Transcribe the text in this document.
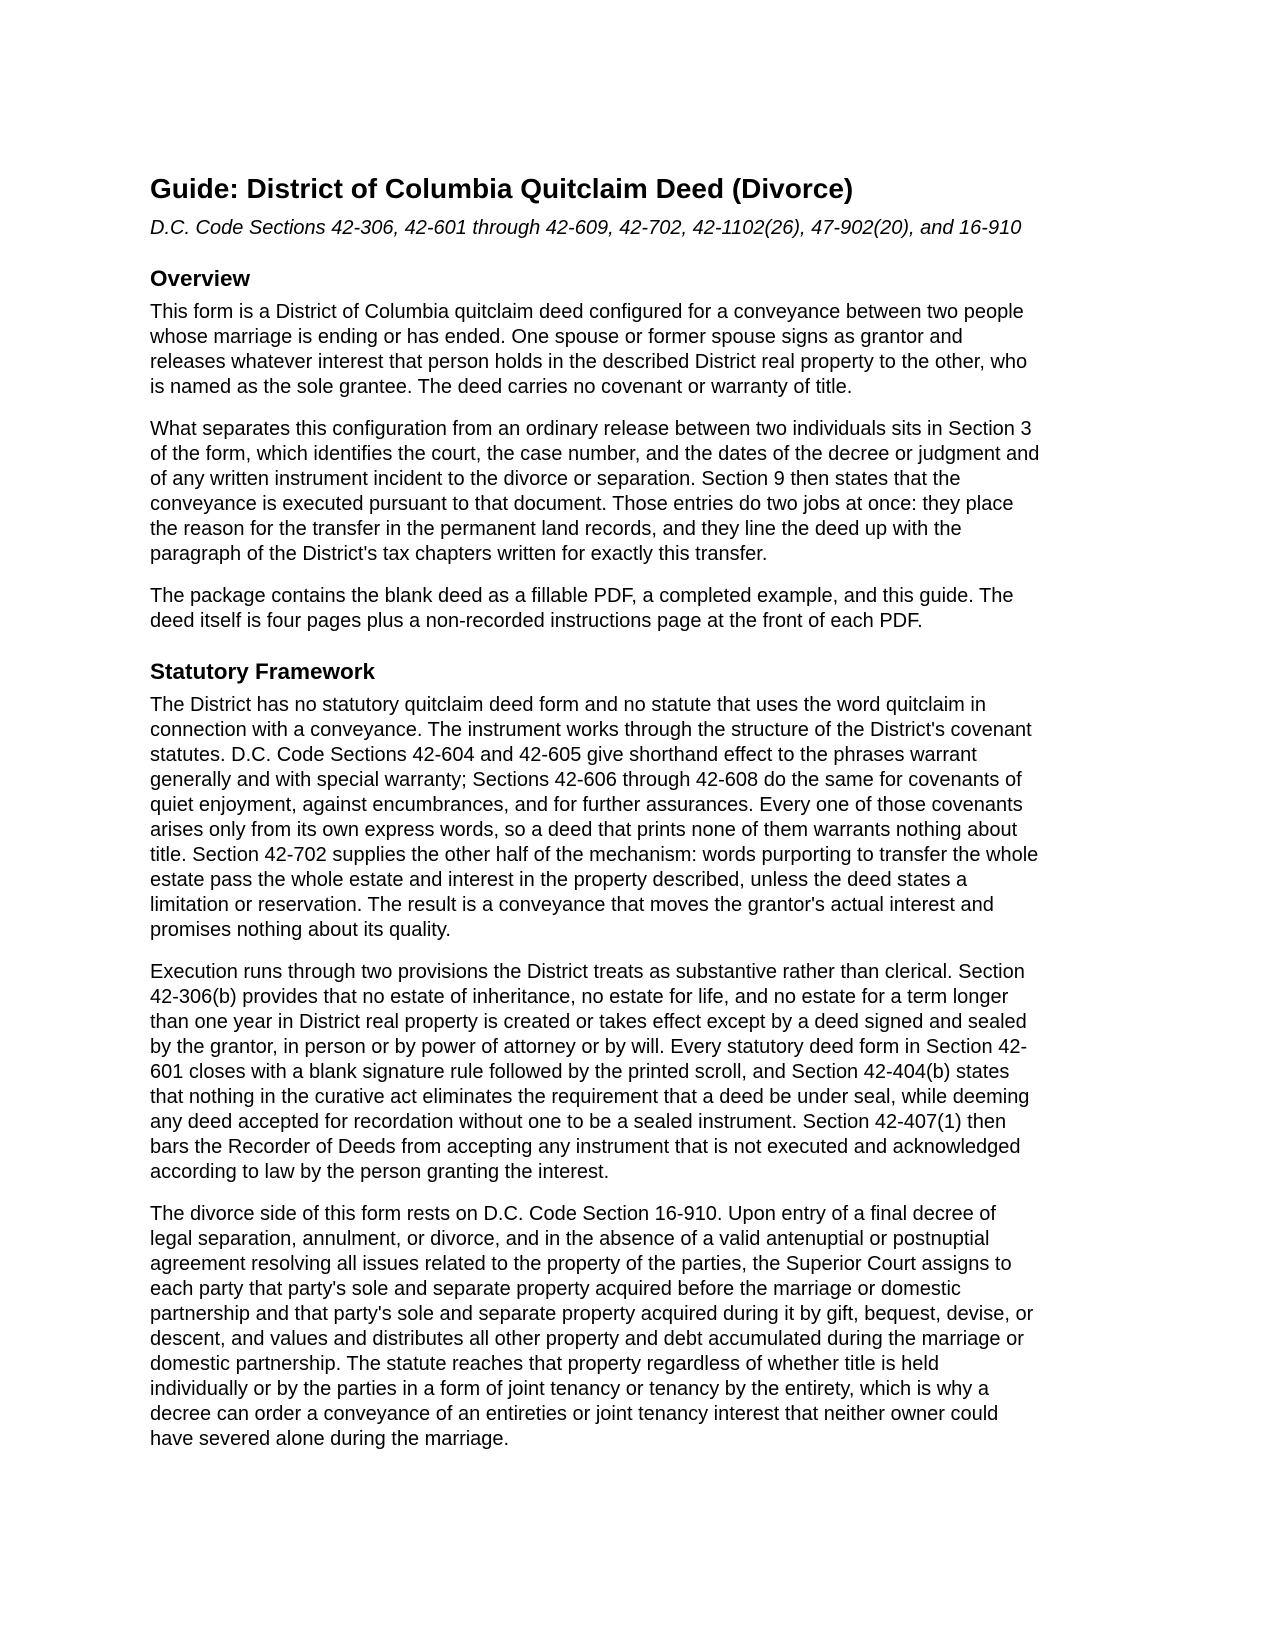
Guide: District of Columbia Quitclaim Deed (Divorce)

D.C. Code Sections 42-306, 42-601 through 42-609, 42-702, 42-1102(26), 47-902(20), and 16-910

Overview

This form is a District of Columbia quitclaim deed configured for a conveyance between two people
whose marriage is ending or has ended. One spouse or former spouse signs as grantor and
releases whatever interest that person holds in the described District real property to the other, who
is named as the sole grantee. The deed carries no covenant or warranty of title.

What separates this configuration from an ordinary release between two individuals sits in Section 3
of the form, which identifies the court, the case number, and the dates of the decree or judgment and
of any written instrument incident to the divorce or separation. Section 9 then states that the
conveyance is executed pursuant to that document. Those entries do two jobs at once: they place
the reason for the transfer in the permanent land records, and they line the deed up with the
paragraph of the District's tax chapters written for exactly this transfer.

The package contains the blank deed as a fillable PDF, a completed example, and this guide. The
deed itself is four pages plus a non-recorded instructions page at the front of each PDF.

Statutory Framework

The District has no statutory quitclaim deed form and no statute that uses the word quitclaim in
connection with a conveyance. The instrument works through the structure of the District's covenant
statutes. D.C. Code Sections 42-604 and 42-605 give shorthand effect to the phrases warrant
generally and with special warranty; Sections 42-606 through 42-608 do the same for covenants of
quiet enjoyment, against encumbrances, and for further assurances. Every one of those covenants
arises only from its own express words, so a deed that prints none of them warrants nothing about
title. Section 42-702 supplies the other half of the mechanism: words purporting to transfer the whole
estate pass the whole estate and interest in the property described, unless the deed states a
limitation or reservation. The result is a conveyance that moves the grantor's actual interest and
promises nothing about its quality.

Execution runs through two provisions the District treats as substantive rather than clerical. Section
42-306(b) provides that no estate of inheritance, no estate for life, and no estate for a term longer
than one year in District real property is created or takes effect except by a deed signed and sealed
by the grantor, in person or by power of attorney or by will. Every statutory deed form in Section 42-
601 closes with a blank signature rule followed by the printed scroll, and Section 42-404(b) states
that nothing in the curative act eliminates the requirement that a deed be under seal, while deeming
any deed accepted for recordation without one to be a sealed instrument. Section 42-407(1) then
bars the Recorder of Deeds from accepting any instrument that is not executed and acknowledged
according to law by the person granting the interest.

The divorce side of this form rests on D.C. Code Section 16-910. Upon entry of a final decree of
legal separation, annulment, or divorce, and in the absence of a valid antenuptial or postnuptial
agreement resolving all issues related to the property of the parties, the Superior Court assigns to
each party that party's sole and separate property acquired before the marriage or domestic
partnership and that party's sole and separate property acquired during it by gift, bequest, devise, or
descent, and values and distributes all other property and debt accumulated during the marriage or
domestic partnership. The statute reaches that property regardless of whether title is held
individually or by the parties in a form of joint tenancy or tenancy by the entirety, which is why a
decree can order a conveyance of an entireties or joint tenancy interest that neither owner could
have severed alone during the marriage.
